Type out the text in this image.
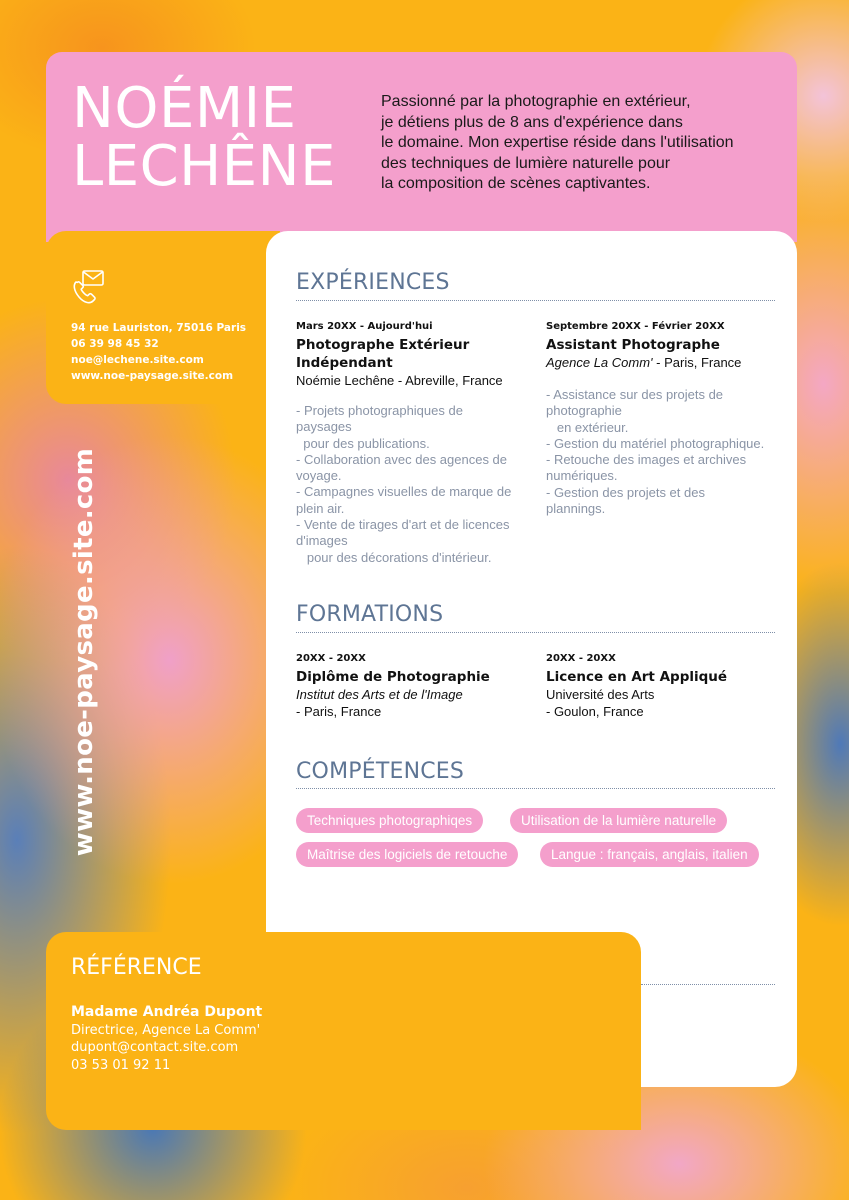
NOÉMIE
LECHÊNE
Passionné par la photographie en extérieur,
je détiens plus de 8 ans d'expérience dans
le domaine. Mon expertise réside dans l'utilisation
des techniques de lumière naturelle pour
la composition de scènes captivantes.
94 rue Lauriston, 75016 Paris
06 39 98 45 32
noe@lechene.site.com
www.noe-paysage.site.com
www.noe-paysage.site.com
EXPÉRIENCES
Mars 20XX - Aujourd'hui
Photographe Extérieur
Indépendant
Noémie Lechêne - Abreville, France
- Projets photographiques de
paysages
pour des publications.
- Collaboration avec des agences de
voyage.
- Campagnes visuelles de marque de
plein air.
- Vente de tirages d'art et de licences
d'images
pour des décorations d'intérieur.
Septembre 20XX - Février 20XX
Assistant Photographe
Agence La Comm' - Paris, France
- Assistance sur des projets de
photographie
en extérieur.
- Gestion du matériel photographique.
- Retouche des images et archives
numériques.
- Gestion des projets et des
plannings.
FORMATIONS
20XX - 20XX
Diplôme de Photographie
Institut des Arts et de l'Image
- Paris, France
20XX - 20XX
Licence en Art Appliqué
Université des Arts
- Goulon, France
COMPÉTENCES
Techniques photographiqes	Utilisation de la lumière naturelle
Maîtrise des logiciels de retouche	Langue : français, anglais, italien
RÉFÉRENCE
Madame Andréa Dupont
Directrice, Agence La Comm'
dupont@contact.site.com
03 53 01 92 11
